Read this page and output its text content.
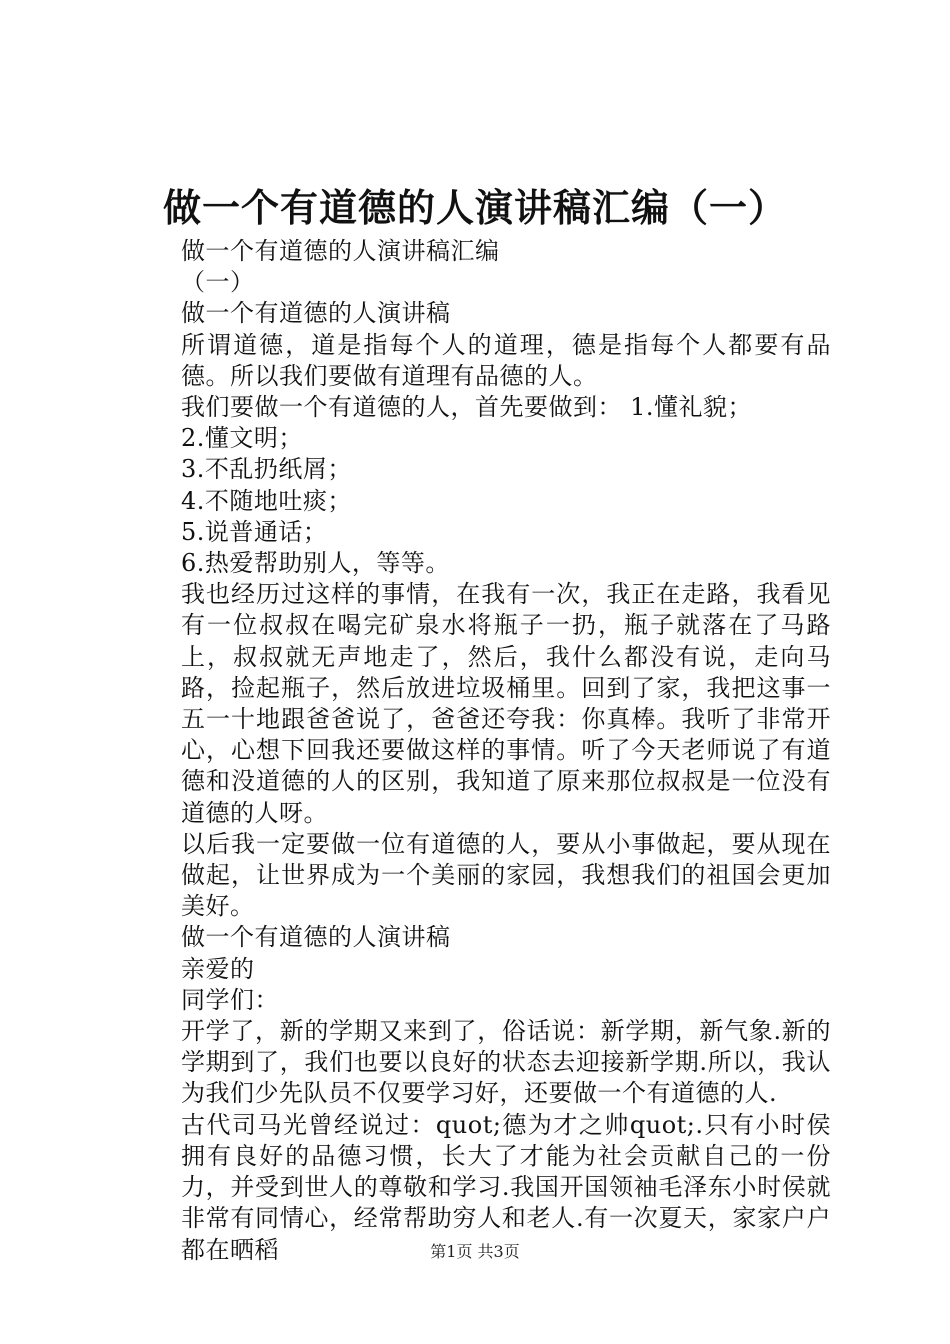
做一个有道德的人演讲稿汇编（一）

做一个有道德的人演讲稿汇编

（一）

做一个有道德的人演讲稿

所谓道德，道是指每个人的道理，德是指每个人都要有品德。所以我们要做有道理有品德的人。

我们要做一个有道德的人，首先要做到： 1.懂礼貌；

2.懂文明；

3.不乱扔纸屑；

4.不随地吐痰；

5.说普通话；

6.热爱帮助别人，等等。

我也经历过这样的事情，在我有一次，我正在走路，我看见有一位叔叔在喝完矿泉水将瓶子一扔，瓶子就落在了马路上，叔叔就无声地走了，然后，我什么都没有说，走向马路，捡起瓶子，然后放进垃圾桶里。回到了家，我把这事一五一十地跟爸爸说了，爸爸还夸我：你真棒。我听了非常开心，心想下回我还要做这样的事情。听了今天老师说了有道德和没道德的人的区别，我知道了原来那位叔叔是一位没有道德的人呀。

以后我一定要做一位有道德的人，要从小事做起，要从现在做起，让世界成为一个美丽的家园，我想我们的祖国会更加美好。

做一个有道德的人演讲稿

亲爱的

同学们：

开学了，新的学期又来到了，俗话说：新学期，新气象.新的学期到了，我们也要以良好的状态去迎接新学期.所以，我认为我们少先队员不仅要学习好，还要做一个有道德的人.

古代司马光曾经说过：quot;德为才之帅quot;.只有小时侯拥有良好的品德习惯，长大了才能为社会贡献自己的一份力，并受到世人的尊敬和学习.我国开国领袖毛泽东小时侯就非常有同情心，经常帮助穷人和老人.有一次夏天，家家户户都在晒稻	第1页 共3页
